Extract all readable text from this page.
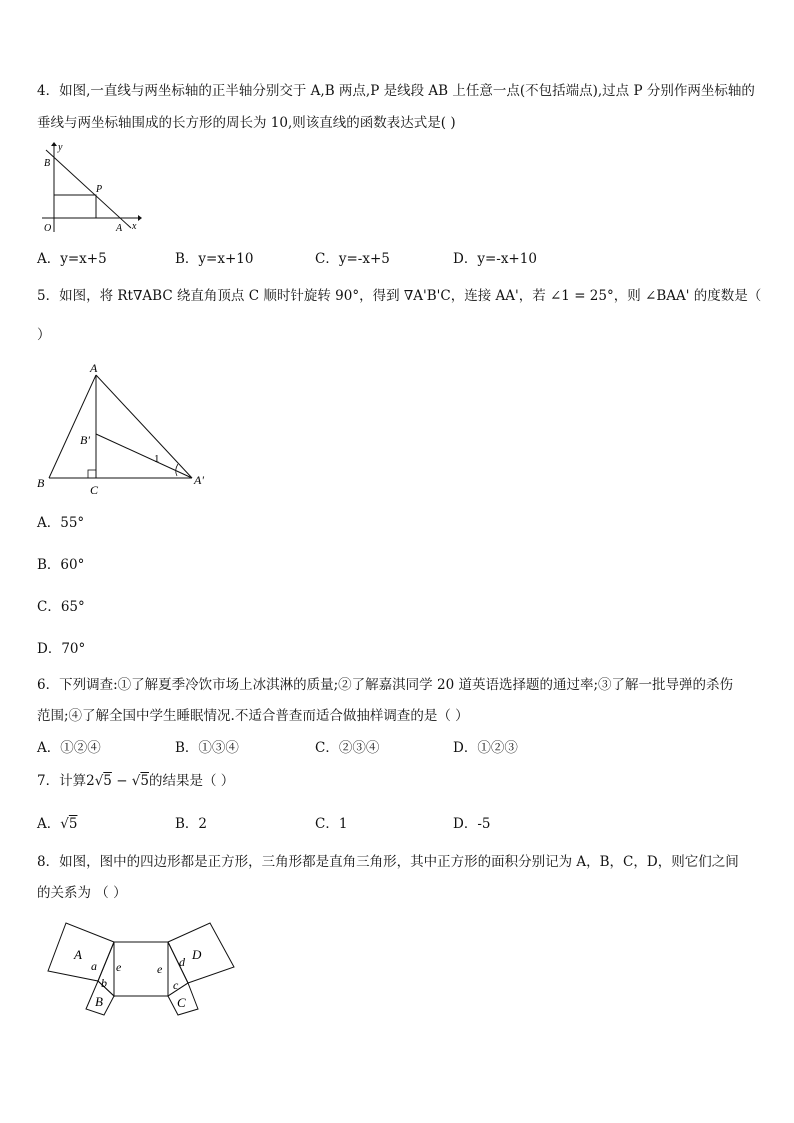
4．如图,一直线与两坐标轴的正半轴分别交于 A,B 两点,P 是线段 AB 上任意一点(不包括端点),过点 P 分别作两坐标轴的
垂线与两坐标轴围成的长方形的周长为 10,则该直线的函数表达式是( )
y
B
P
O	A x
A．y=x+5	B．y=x+10	C．y=-x+5	D．y=-x+10
5．如图，将 Rt∇ABC 绕直角顶点 C 顺时针旋转 90°，得到 ∇A'B'C，连接 AA'，若 ∠1 = 25°，则 ∠BAA' 的度数是（
）
A
B'
1
B	C
A'
A．55°
B．60°
C．65°
D．70°
6．下列调查:①了解夏季冷饮市场上冰淇淋的质量;②了解嘉淇同学 20 道英语选择题的通过率;③了解一批导弹的杀伤
范围;④了解全国中学生睡眠情况.不适合普查而适合做抽样调查的是（ ）
A．①②④	B．①③④	C．②③④	D．①②③
7．计算2√5 − √5的结果是（ ）
A．√5	B．2	C．1	D．-5
8．如图，图中的四边形都是正方形，三角形都是直角三角形，其中正方形的面积分别记为 A，B，C，D，则它们之间
的关系为 （ ）
A
a e
b
B
e d D
c
C
